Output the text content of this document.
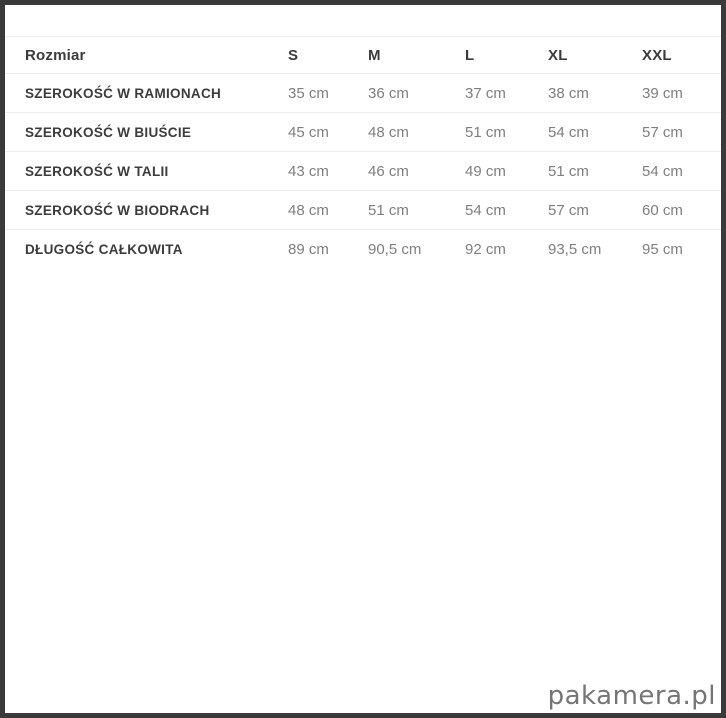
Rozmiar	S	M	L	XL	XXL
SZEROKOŚĆ W RAMIONACH	35 cm	36 cm	37 cm	38 cm	39 cm
SZEROKOŚĆ W BIUŚCIE	45 cm	48 cm	51 cm	54 cm	57 cm
SZEROKOŚĆ W TALII	43 cm	46 cm	49 cm	51 cm	54 cm
SZEROKOŚĆ W BIODRACH	48 cm	51 cm	54 cm	57 cm	60 cm
DŁUGOŚĆ CAŁKOWITA	89 cm	90,5 cm	92 cm	93,5 cm	95 cm
pakamera.pl
